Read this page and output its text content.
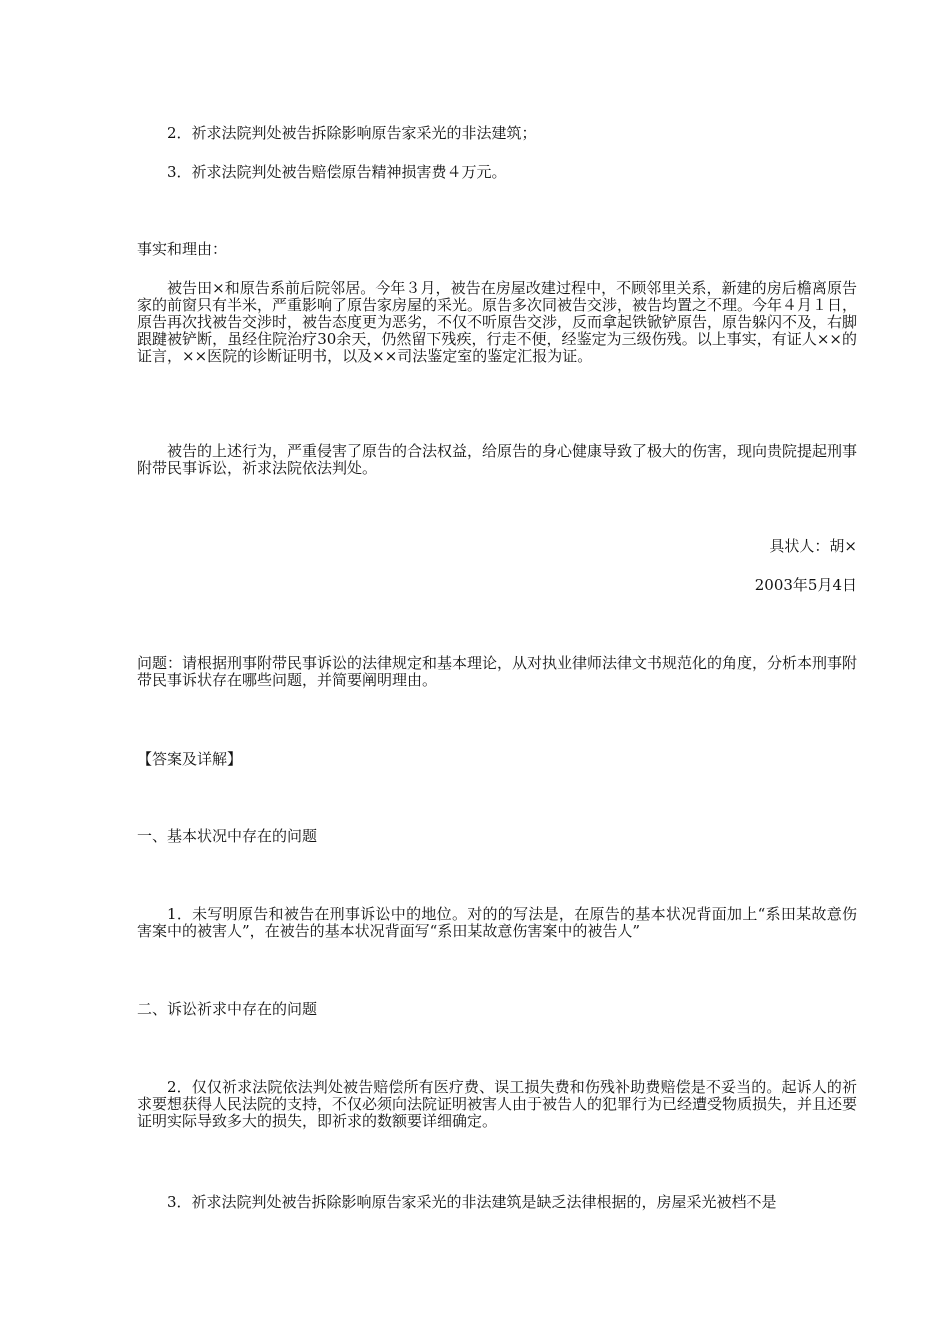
2．祈求法院判处被告拆除影响原告家采光的非法建筑；
3．祈求法院判处被告赔偿原告精神损害费４万元。
事实和理由：
被告田×和原告系前后院邻居。今年３月，被告在房屋改建过程中，不顾邻里关系，新建的房后檐离原告家的前窗只有半米，严重影响了原告家房屋的采光。原告多次同被告交涉，被告均置之不理。今年４月１日，原告再次找被告交涉时，被告态度更为恶劣，不仅不听原告交涉，反而拿起铁锨铲原告，原告躲闪不及，右脚跟踺被铲断，虽经住院治疗30余天，仍然留下残疾，行走不便，经鉴定为三级伤残。以上事实，有证人××的证言，××医院的诊断证明书，以及××司法鉴定室的鉴定汇报为证。
被告的上述行为，严重侵害了原告的合法权益，给原告的身心健康导致了极大的伤害，现向贵院提起刑事附带民事诉讼，祈求法院依法判处。
具状人：胡×
2003年5月4日
问题：请根据刑事附带民事诉讼的法律规定和基本理论，从对执业律师法律文书规范化的角度，分析本刑事附带民事诉状存在哪些问题，并简要阐明理由。
【答案及详解】
一、基本状况中存在的问题
1．未写明原告和被告在刑事诉讼中的地位。对的的写法是，在原告的基本状况背面加上“系田某故意伤害案中的被害人”，在被告的基本状况背面写“系田某故意伤害案中的被告人”
二、诉讼祈求中存在的问题
2．仅仅祈求法院依法判处被告赔偿所有医疗费、误工损失费和伤残补助费赔偿是不妥当的。起诉人的祈求要想获得人民法院的支持，不仅必须向法院证明被害人由于被告人的犯罪行为已经遭受物质损失，并且还要证明实际导致多大的损失，即祈求的数额要详细确定。
3．祈求法院判处被告拆除影响原告家采光的非法建筑是缺乏法律根据的，房屋采光被档不是
